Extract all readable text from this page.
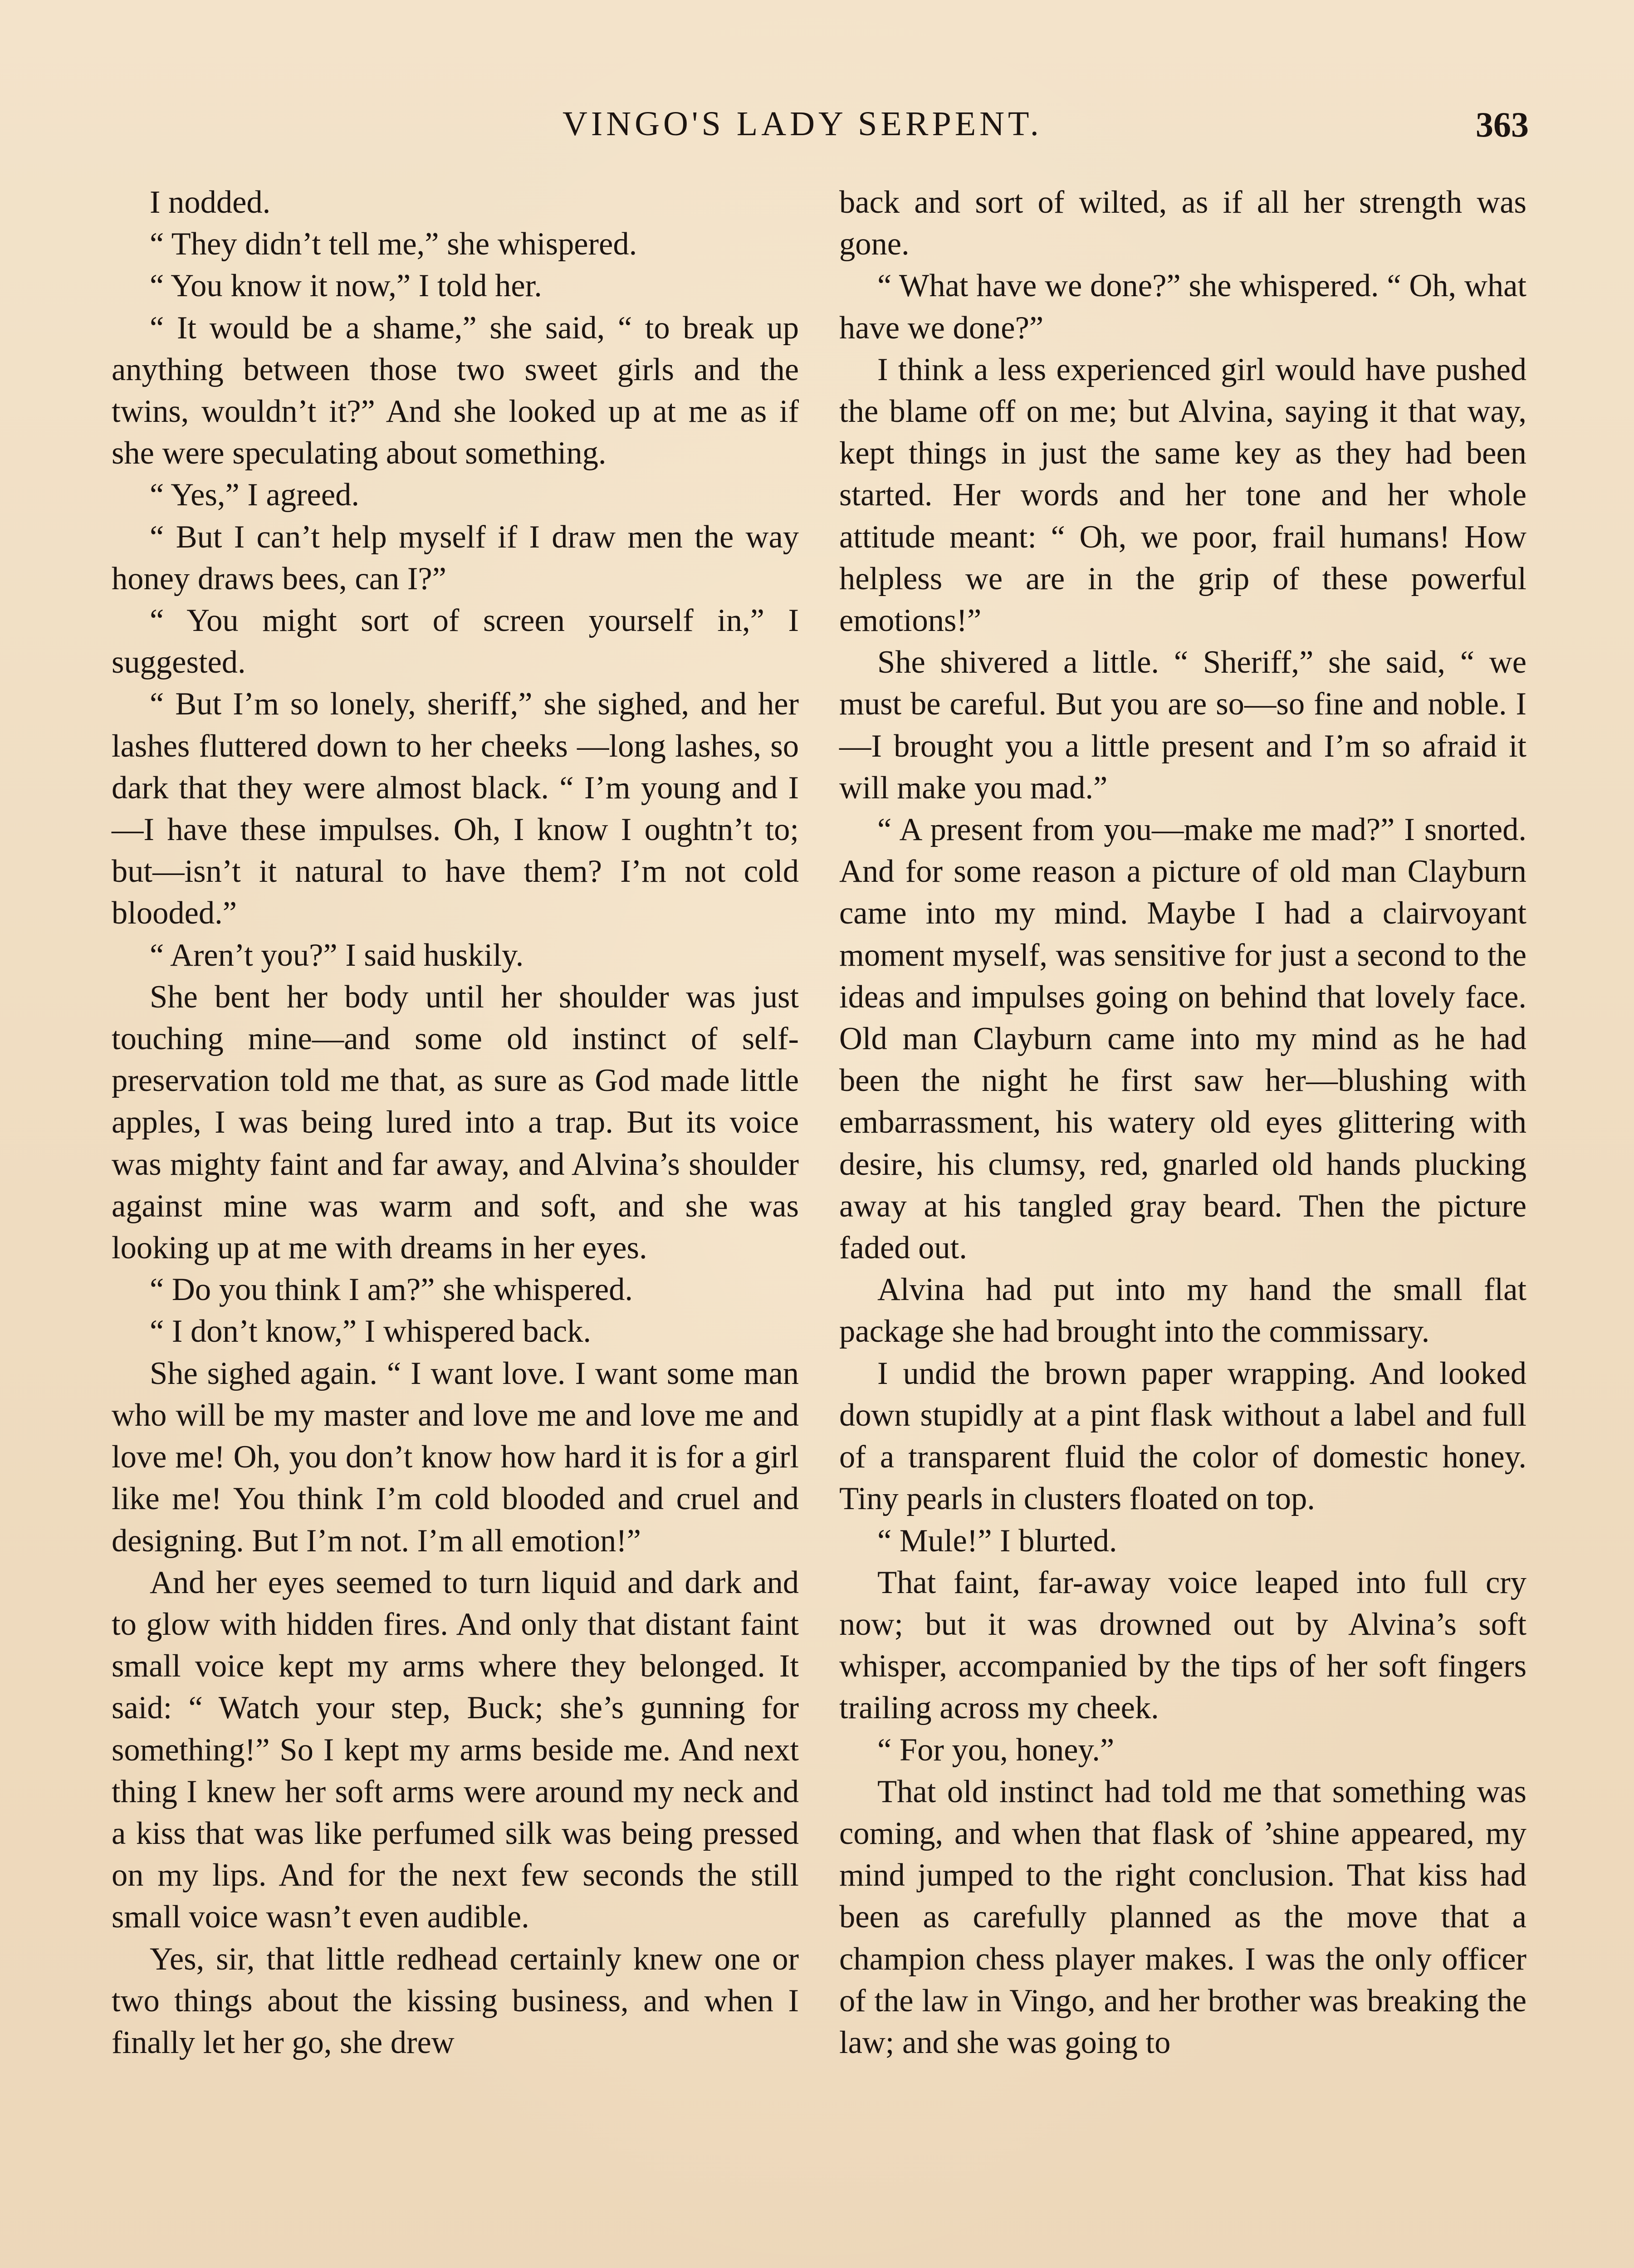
VINGO'S LADY SERPENT.	363

I nodded.

“ They didn’t tell me,” she whispered.

“ You know it now,” I told her.

“ It would be a shame,” she said, “ to break up anything between those two sweet girls and the twins, wouldn’t it?” And she looked up at me as if she were speculating about something.

“ Yes,” I agreed.

“ But I can’t help myself if I draw men the way honey draws bees, can I?”

“ You might sort of screen yourself in,” I suggested.

“ But I’m so lonely, sheriff,” she sighed, and her lashes fluttered down to her cheeks —long lashes, so dark that they were almost black. “ I’m young and I—I have these impulses. Oh, I know I oughtn’t to; but—isn’t it natural to have them? I’m not cold blooded.”

“ Aren’t you?” I said huskily.

She bent her body until her shoulder was just touching mine—and some old instinct of self-preservation told me that, as sure as God made little apples, I was being lured into a trap. But its voice was mighty faint and far away, and Alvina’s shoulder against mine was warm and soft, and she was looking up at me with dreams in her eyes.

“ Do you think I am?” she whispered.

“ I don’t know,” I whispered back.

She sighed again. “ I want love. I want some man who will be my master and love me and love me and love me! Oh, you don’t know how hard it is for a girl like me! You think I’m cold blooded and cruel and designing. But I’m not. I’m all emotion!”

And her eyes seemed to turn liquid and dark and to glow with hidden fires. And only that distant faint small voice kept my arms where they belonged. It said: “ Watch your step, Buck; she’s gunning for something!” So I kept my arms beside me. And next thing I knew her soft arms were around my neck and a kiss that was like perfumed silk was being pressed on my lips. And for the next few seconds the still small voice wasn’t even audible.

Yes, sir, that little redhead certainly knew one or two things about the kissing business, and when I finally let her go, she drew

back and sort of wilted, as if all her strength was gone.

“ What have we done?” she whispered. “ Oh, what have we done?”

I think a less experienced girl would have pushed the blame off on me; but Alvina, saying it that way, kept things in just the same key as they had been started. Her words and her tone and her whole attitude meant: “ Oh, we poor, frail humans! How helpless we are in the grip of these powerful emotions!”

She shivered a little. “ Sheriff,” she said, “ we must be careful. But you are so—so fine and noble. I—I brought you a little present and I’m so afraid it will make you mad.”

“ A present from you—make me mad?” I snorted. And for some reason a picture of old man Clayburn came into my mind. Maybe I had a clairvoyant moment myself, was sensitive for just a second to the ideas and impulses going on behind that lovely face. Old man Clayburn came into my mind as he had been the night he first saw her—blushing with embarrassment, his watery old eyes glittering with desire, his clumsy, red, gnarled old hands plucking away at his tangled gray beard. Then the picture faded out.

Alvina had put into my hand the small flat package she had brought into the commissary.

I undid the brown paper wrapping. And looked down stupidly at a pint flask without a label and full of a transparent fluid the color of domestic honey. Tiny pearls in clusters floated on top.

“ Mule!” I blurted.

That faint, far-away voice leaped into full cry now; but it was drowned out by Alvina’s soft whisper, accompanied by the tips of her soft fingers trailing across my cheek.

“ For you, honey.”

That old instinct had told me that something was coming, and when that flask of ’shine appeared, my mind jumped to the right conclusion. That kiss had been as carefully planned as the move that a champion chess player makes. I was the only officer of the law in Vingo, and her brother was breaking the law; and she was going to
